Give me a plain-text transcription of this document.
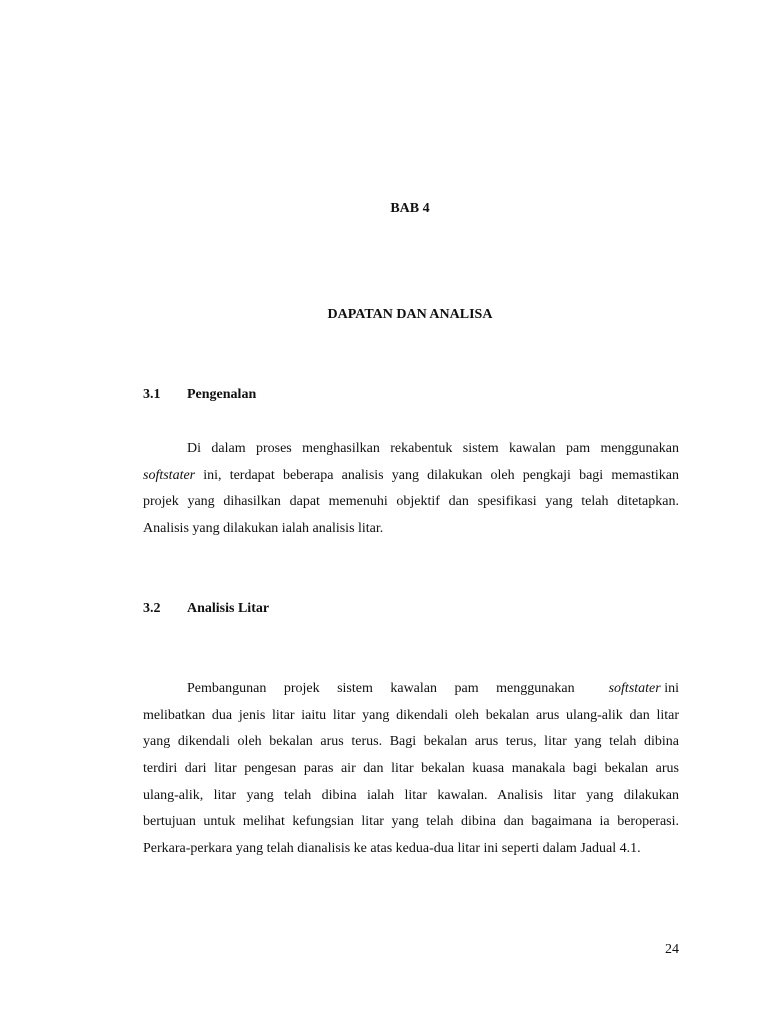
BAB 4
DAPATAN DAN ANALISA
3.1 Pengenalan
Di dalam proses menghasilkan rekabentuk sistem kawalan pam menggunakan
softstater ini, terdapat beberapa analisis yang dilakukan oleh pengkaji bagi memastikan
projek yang dihasilkan dapat memenuhi objektif dan spesifikasi yang telah ditetapkan.
Analisis yang dilakukan ialah analisis litar.
3.2 Analisis Litar
Pembangunan projek sistem kawalan pam menggunakan softstater ini
melibatkan dua jenis litar iaitu litar yang dikendali oleh bekalan arus ulang-alik dan litar
yang dikendali oleh bekalan arus terus. Bagi bekalan arus terus, litar yang telah dibina
terdiri dari litar pengesan paras air dan litar bekalan kuasa manakala bagi bekalan arus
ulang-alik, litar yang telah dibina ialah litar kawalan. Analisis litar yang dilakukan
bertujuan untuk melihat kefungsian litar yang telah dibina dan bagaimana ia beroperasi.
Perkara-perkara yang telah dianalisis ke atas kedua-dua litar ini seperti dalam Jadual 4.1.
24
